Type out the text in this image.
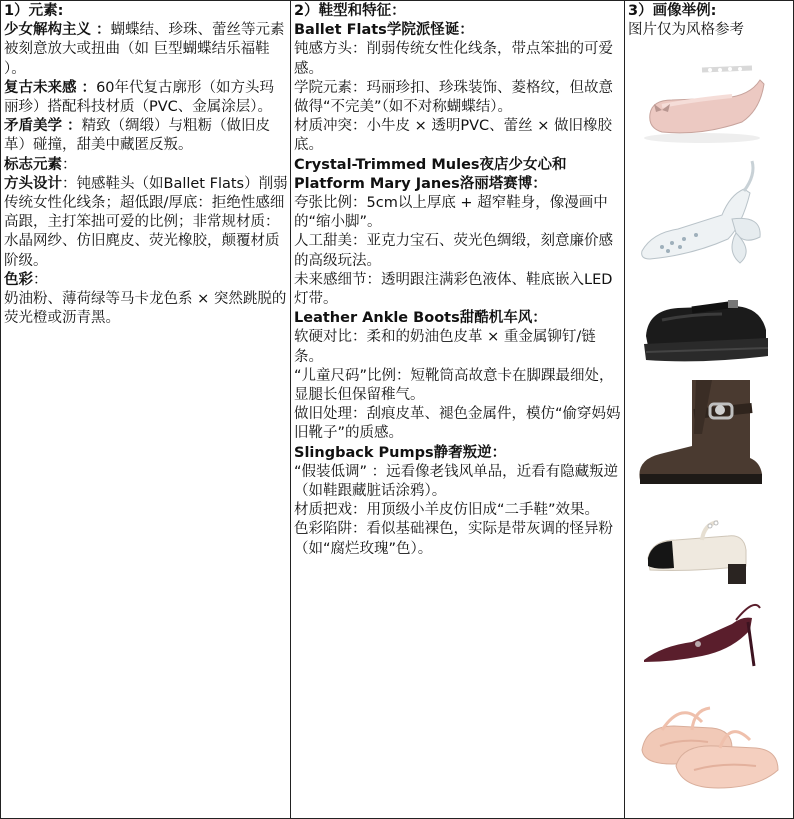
1）元素:

少女解构主义 ：蝴蝶结、珍珠、蕾丝等元素被刻意放大或扭曲（如 巨型蝴蝶结乐福鞋 ）。

复古未来感 ：60年代复古廓形（如方头玛丽珍）搭配科技材质（PVC、金属涂层）。

矛盾美学 ：精致（绸缎）与粗粝（做旧皮革）碰撞，甜美中藏匿反叛。

标志元素：

方头设计：钝感鞋头（如Ballet Flats）削弱传统女性化线条；超低跟/厚底：拒绝性感细高跟，主打笨拙可爱的比例；非常规材质：水晶网纱、仿旧麂皮、荧光橡胶，颠覆材质阶级。

色彩：

奶油粉、薄荷绿等马卡龙色系 × 突然跳脱的荧光橙或沥青黑。

2）鞋型和特征：

Ballet Flats学院派怪诞：

钝感方头：削弱传统女性化线条，带点笨拙的可爱感。

学院元素：玛丽珍扣、珍珠装饰、菱格纹，但故意做得“不完美”（如不对称蝴蝶结）。

材质冲突：小牛皮 × 透明PVC、蕾丝 × 做旧橡胶底。

Crystal-Trimmed Mules夜店少女心和Platform Mary Janes洛丽塔赛博：

夸张比例：5cm以上厚底 + 超窄鞋身，像漫画中的“缩小脚”。

人工甜美：亚克力宝石、荧光色绸缎，刻意廉价感的高级玩法。

未来感细节：透明跟注满彩色液体、鞋底嵌入LED灯带。

Leather Ankle Boots甜酷机车风：

软硬对比：柔和的奶油色皮革 × 重金属铆钉/链条。

“儿童尺码”比例：短靴筒高故意卡在脚踝最细处，显腿长但保留稚气。

做旧处理：刮痕皮革、褪色金属件，模仿“偷穿妈妈旧靴子”的质感。

Slingback Pumps静奢叛逆：

“假装低调” ：远看像老钱风单品，近看有隐藏叛逆（如鞋跟藏脏话涂鸦）。

材质把戏：用顶级小羊皮仿旧成“二手鞋”效果。

色彩陷阱：看似基础裸色，实际是带灰调的怪异粉（如“腐烂玫瑰”色）。

3）画像举例:

图片仅为风格参考
